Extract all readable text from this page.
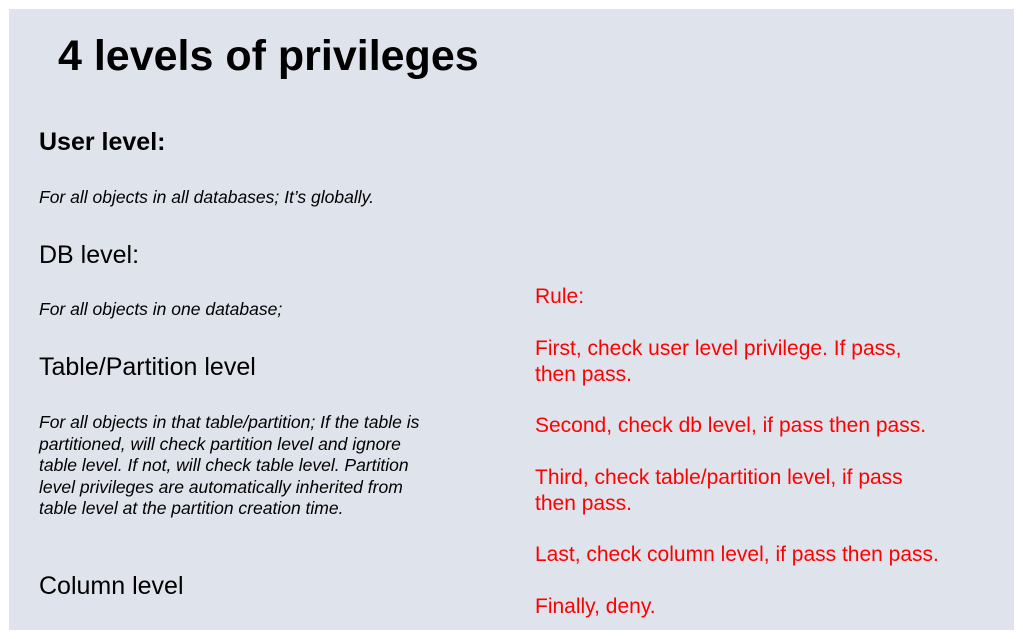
4 levels of privileges
User level:
For all objects in all databases; It’s globally.
DB level:
For all objects in one database;
Table/Partition level
For all objects in that table/partition; If the table is
partitioned, will check partition level and ignore
table level. If not, will check table level. Partition
level privileges are automatically inherited from
table level at the partition creation time.
Column level
Rule:
First, check user level privilege. If pass,
then pass.
Second, check db level, if pass then pass.
Third, check table/partition level, if pass
then pass.
Last, check column level, if pass then pass.
Finally, deny.
